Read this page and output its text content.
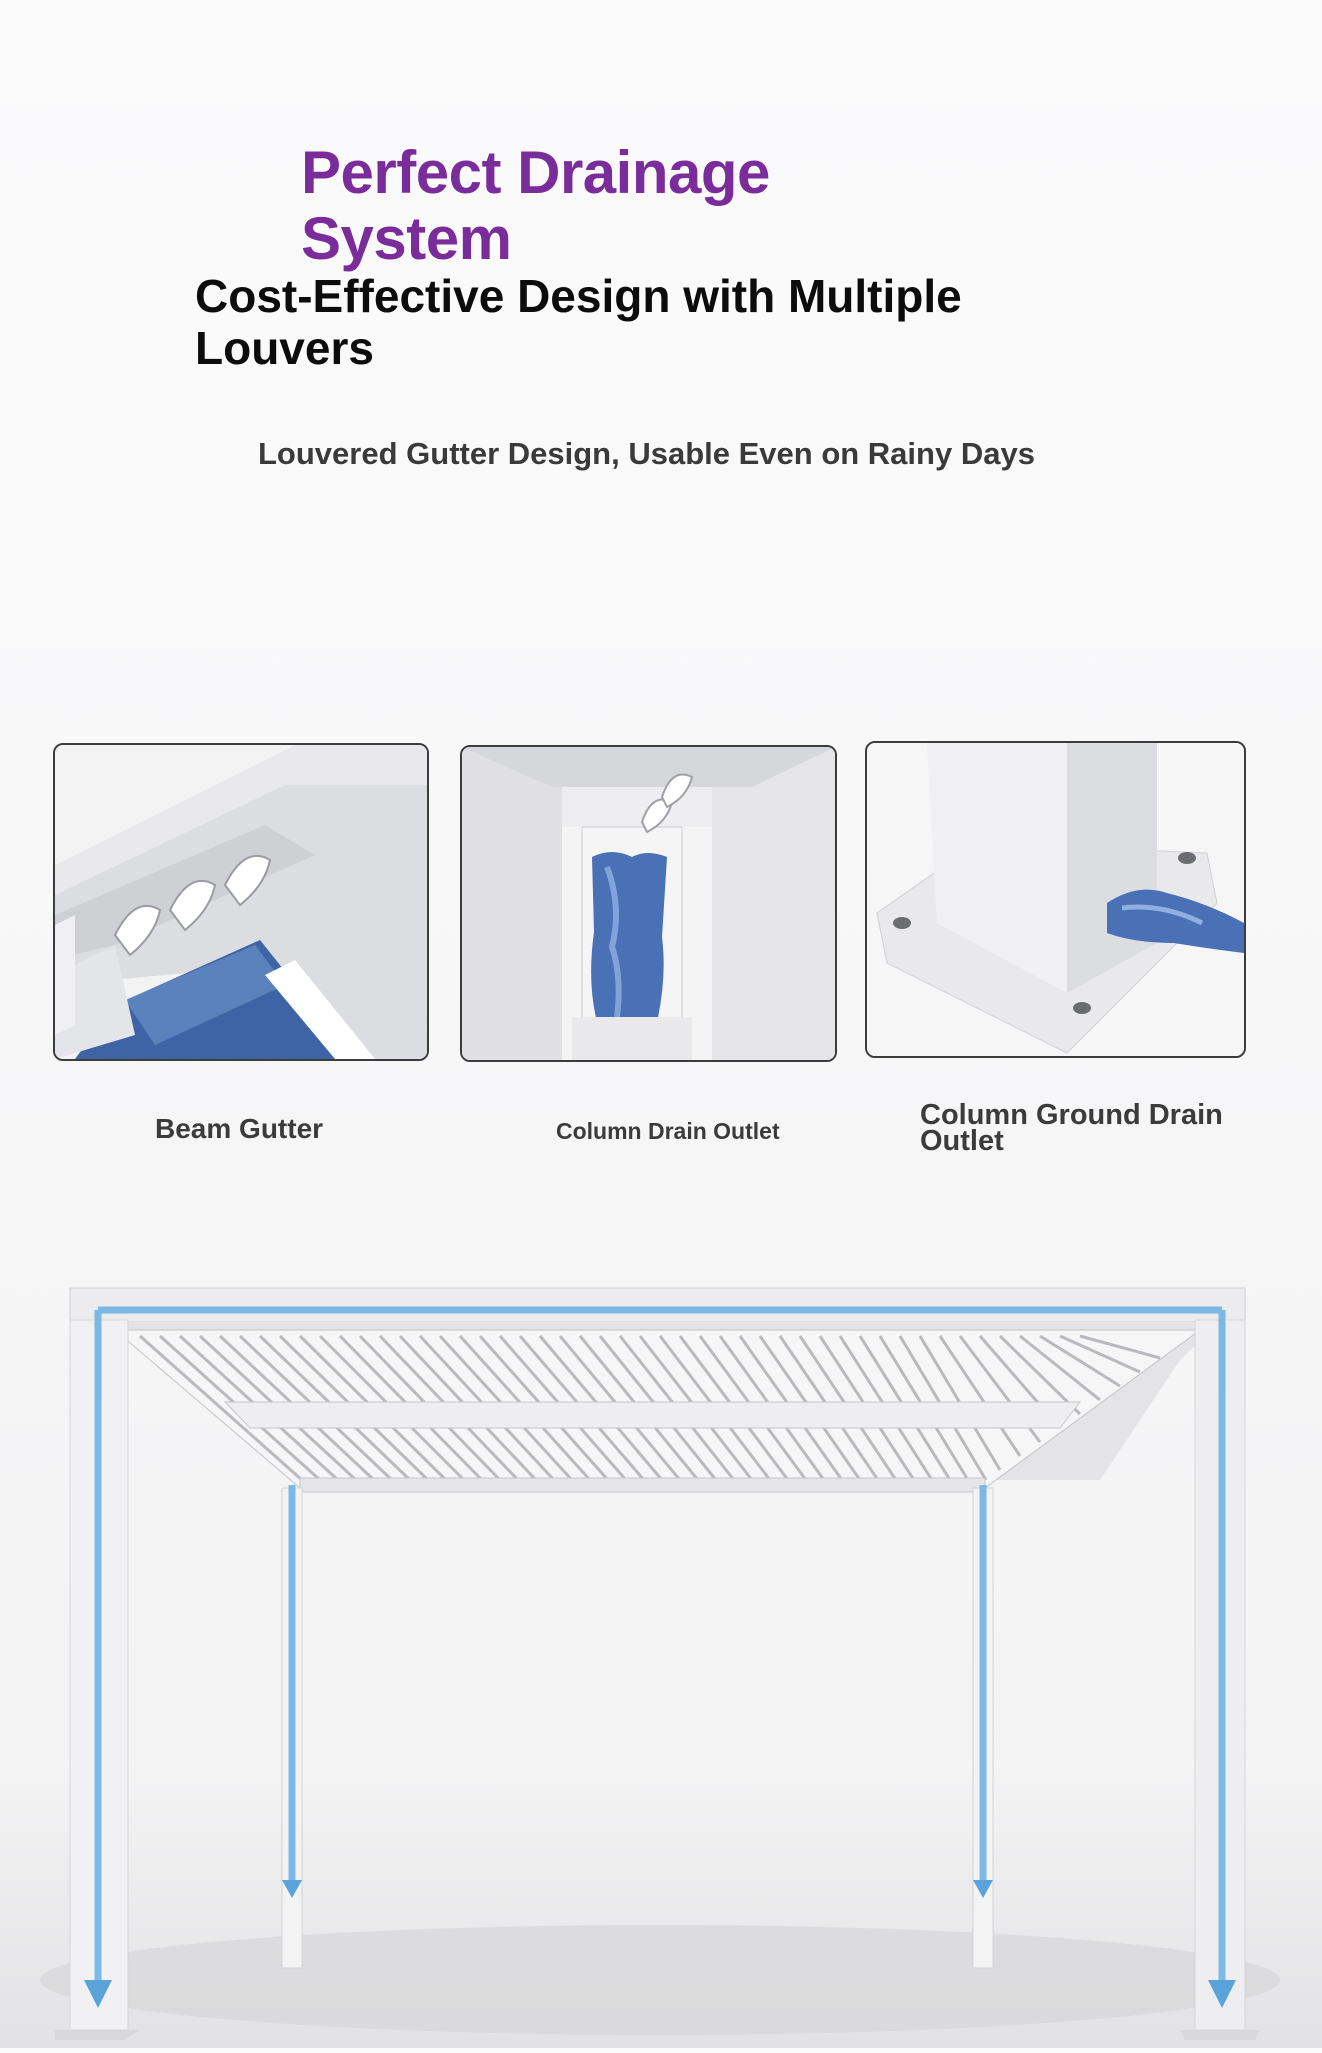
Perfect Drainage System
Cost-Effective Design with Multiple Louvers

Louvered Gutter Design, Usable Even on Rainy Days

Beam Gutter	Column Drain Outlet	Column Ground Drain Outlet
